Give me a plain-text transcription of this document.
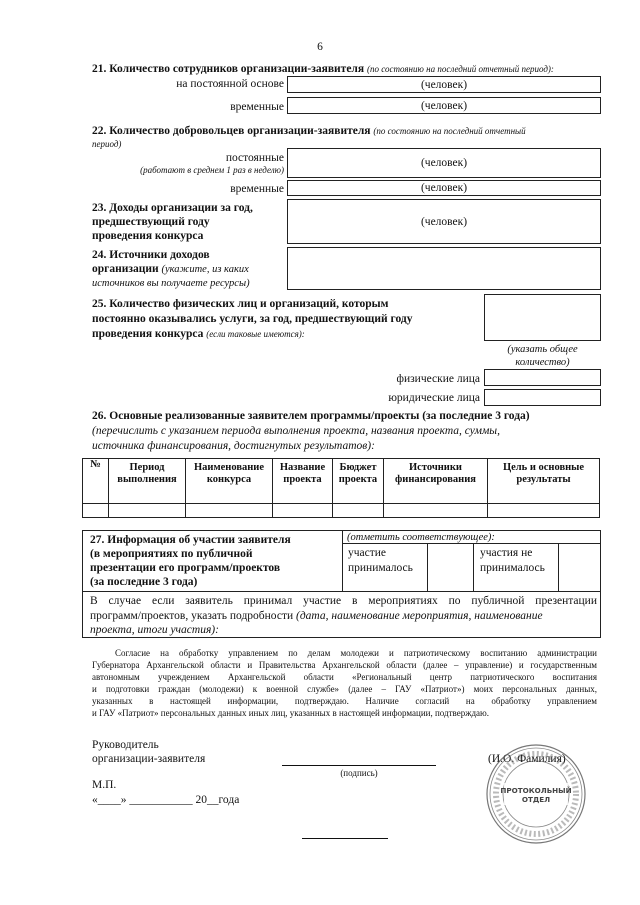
6
21. Количество сотрудников организации-заявителя (по состоянию на последний отчетный период):
на постоянной оснoве	(человек)
временные	(человек)
22. Количество добровольцев организации-заявителя (по состоянию на последний отчетный
период)
постоянные
(работают в среднем 1 раз в неделю)
(человек)
временные	(человек)
23. Доходы организации за год,
предшествующий году
проведения конкурса
(человек)
24. Источники доходов
организации (укажите, из каких
источников вы получаете ресурсы)
25. Количество физических лиц и организаций, которым
постоянно оказывались услуги, за год, предшествующий году
проведения конкурса (если таковые имеются):
(указать общее
количество)
физические лица
юридические лица
26. Основные реализованные заявителем программы/проекты (за последние 3 года)
(перечислить с указанием периода выполнения проекта, названия проекта, суммы,
источника финансирования, достигнутых результатов):
№	Период выполнения	Наименование конкурса	Название проекта	Бюджет проекта	Источники финансирования	Цель и основные результаты

27. Информация об участии заявителя
(в мероприятиях по публичной
презентации его программ/проектов
(за последние 3 года)
(отметить соответствующее):
участие
принималось
участия не
принималось
В случае если заявитель принимал участие в мероприятиях по публичной презентации
программ/проектов, указать подробности (дата, наименование мероприятия, наименование
проекта, итоги участия):
Согласие на обработку управлением по делам молодежи и патриотическому воспитанию администрации
Губернатора Архангельской области и Правительства Архангельской области (далее – управление) и государственным
автономным учреждением Архангельской области «Региональный центр патриотического воспитания
и подготовки граждан (молодежи) к военной службе» (далее – ГАУ «Патриот») моих персональных данных,
указанных в настоящей информации, подтверждаю. Наличие согласий на обработку управлением
и ГАУ «Патриот» персональных данных иных лиц, указанных в настоящей информации, подтверждаю.
Руководитель
организации-заявителя
(подпись)
(И.О. Фамилия)
М.П.
«____» ___________ 20__года
ПРОТОКОЛЬНЫЙ
ОТДЕЛ
